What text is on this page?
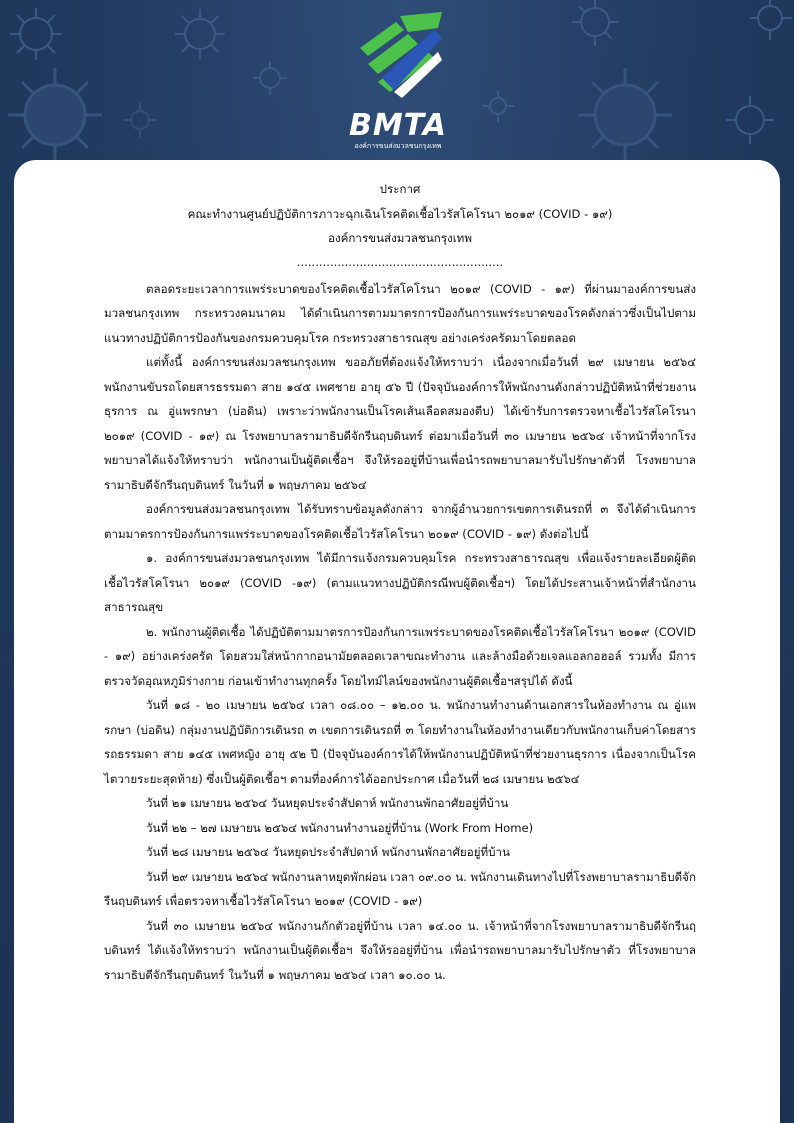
BMTA
องค์การขนส่งมวลชนกรุงเทพ
ประกาศ
คณะทำงานศูนย์ปฏิบัติการภาวะฉุกเฉินโรคติดเชื้อไวรัสโคโรนา ๒๐๑๙ (COVID - ๑๙)
องค์การขนส่งมวลชนกรุงเทพ
........................................................
ตลอดระยะเวลาการแพร่ระบาดของโรคติดเชื้อไวรัสโคโรนา ๒๐๑๙ (COVID - ๑๙) ที่ผ่านมาองค์การขนส่งมวลชนกรุงเทพ กระทรวงคมนาคม ได้ดำเนินการตามมาตรการป้องกันการแพร่ระบาดของโรคดังกล่าวซึ่งเป็นไปตามแนวทางปฏิบัติการป้องกันของกรมควบคุมโรค กระทรวงสาธารณสุข อย่างเคร่งครัดมาโดยตลอด
แต่ทั้งนี้ องค์การขนส่งมวลชนกรุงเทพ ขออภัยที่ต้องแจ้งให้ทราบว่า เนื่องจากเมื่อวันที่ ๒๙ เมษายน ๒๕๖๔ พนักงานขับรถโดยสารธรรมดา สาย ๑๔๕ เพศชาย อายุ ๕๖ ปี (ปัจจุบันองค์การให้พนักงานดังกล่าวปฏิบัติหน้าที่ช่วยงานธุรการ ณ อู่แพรกษา (บ่อดิน) เพราะว่าพนักงานเป็นโรคเส้นเลือดสมองตีบ) ได้เข้ารับการตรวจหาเชื้อไวรัสโคโรนา ๒๐๑๙ (COVID - ๑๙) ณ โรงพยาบาลรามาธิบดีจักรีนฤบดินทร์ ต่อมาเมื่อวันที่ ๓๐ เมษายน ๒๕๖๔ เจ้าหน้าที่จากโรงพยาบาลได้แจ้งให้ทราบว่า พนักงานเป็นผู้ติดเชื้อฯ จึงให้รออยู่ที่บ้านเพื่อนำรถพยาบาลมารับไปรักษาตัวที่ โรงพยาบาลรามาธิบดีจักรีนฤบดินทร์ ในวันที่ ๑ พฤษภาคม ๒๕๖๔
องค์การขนส่งมวลชนกรุงเทพ ได้รับทราบข้อมูลดังกล่าว จากผู้อำนวยการเขตการเดินรถที่ ๓ จึงได้ดำเนินการตามมาตรการป้องกันการแพร่ระบาดของโรคติดเชื้อไวรัสโคโรนา ๒๐๑๙ (COVID - ๑๙) ดังต่อไปนี้
๑. องค์การขนส่งมวลชนกรุงเทพ ได้มีการแจ้งกรมควบคุมโรค กระทรวงสาธารณสุข เพื่อแจ้งรายละเอียดผู้ติดเชื้อไวรัสโคโรนา ๒๐๑๙ (COVID -๑๙) (ตามแนวทางปฏิบัติกรณีพบผู้ติดเชื้อฯ) โดยได้ประสานเจ้าหน้าที่สำนักงานสาธารณสุข
๒. พนักงานผู้ติดเชื้อ ได้ปฏิบัติตามมาตรการป้องกันการแพร่ระบาดของโรคติดเชื้อไวรัสโคโรนา ๒๐๑๙ (COVID - ๑๙) อย่างเคร่งครัด โดยสวมใส่หน้ากากอนามัยตลอดเวลาขณะทำงาน และล้างมือด้วยเจลแอลกอฮอล์ รวมทั้ง มีการตรวจวัดอุณหภูมิร่างกาย ก่อนเข้าทำงานทุกครั้ง โดยไทม์ไลน์ของพนักงานผู้ติดเชื้อฯสรุปได้ ดังนี้
วันที่ ๑๘ - ๒๐ เมษายน ๒๕๖๔ เวลา ๐๘.๐๐ – ๑๒.๐๐ น. พนักงานทำงานด้านเอกสารในห้องทำงาน ณ อู่แพรกษา (บ่อดิน) กลุ่มงานปฏิบัติการเดินรถ ๓ เขตการเดินรถที่ ๓ โดยทำงานในห้องทำงานเดียวกับพนักงานเก็บค่าโดยสารรถธรรมดา สาย ๑๔๕ เพศหญิง อายุ ๕๒ ปี (ปัจจุบันองค์การได้ให้พนักงานปฏิบัติหน้าที่ช่วยงานธุรการ เนื่องจากเป็นโรคไตวายระยะสุดท้าย) ซึ่งเป็นผู้ติดเชื้อฯ ตามที่องค์การได้ออกประกาศ เมื่อวันที่ ๒๘ เมษายน ๒๕๖๔
วันที่ ๒๑ เมษายน ๒๕๖๔ วันหยุดประจำสัปดาห์ พนักงานพักอาศัยอยู่ที่บ้าน
วันที่ ๒๒ – ๒๗ เมษายน ๒๕๖๔ พนักงานทำงานอยู่ที่บ้าน (Work From Home)
วันที่ ๒๘ เมษายน ๒๕๖๔ วันหยุดประจำสัปดาห์ พนักงานพักอาศัยอยู่ที่บ้าน
วันที่ ๒๙ เมษายน ๒๕๖๔ พนักงานลาหยุดพักผ่อน เวลา ๐๙.๐๐ น. พนักงานเดินทางไปที่โรงพยาบาลรามาธิบดีจักรีนฤบดินทร์ เพื่อตรวจหาเชื้อไวรัสโคโรนา ๒๐๑๙ (COVID - ๑๙)
วันที่ ๓๐ เมษายน ๒๕๖๔ พนักงานกักตัวอยู่ที่บ้าน เวลา ๑๔.๐๐ น. เจ้าหน้าที่จากโรงพยาบาลรามาธิบดีจักรีนฤบดินทร์ ได้แจ้งให้ทราบว่า พนักงานเป็นผู้ติดเชื้อฯ จึงให้รออยู่ที่บ้าน เพื่อนำรถพยาบาลมารับไปรักษาตัว ที่โรงพยาบาลรามาธิบดีจักรีนฤบดินทร์ ในวันที่ ๑ พฤษภาคม ๒๕๖๔ เวลา ๑๐.๐๐ น.
